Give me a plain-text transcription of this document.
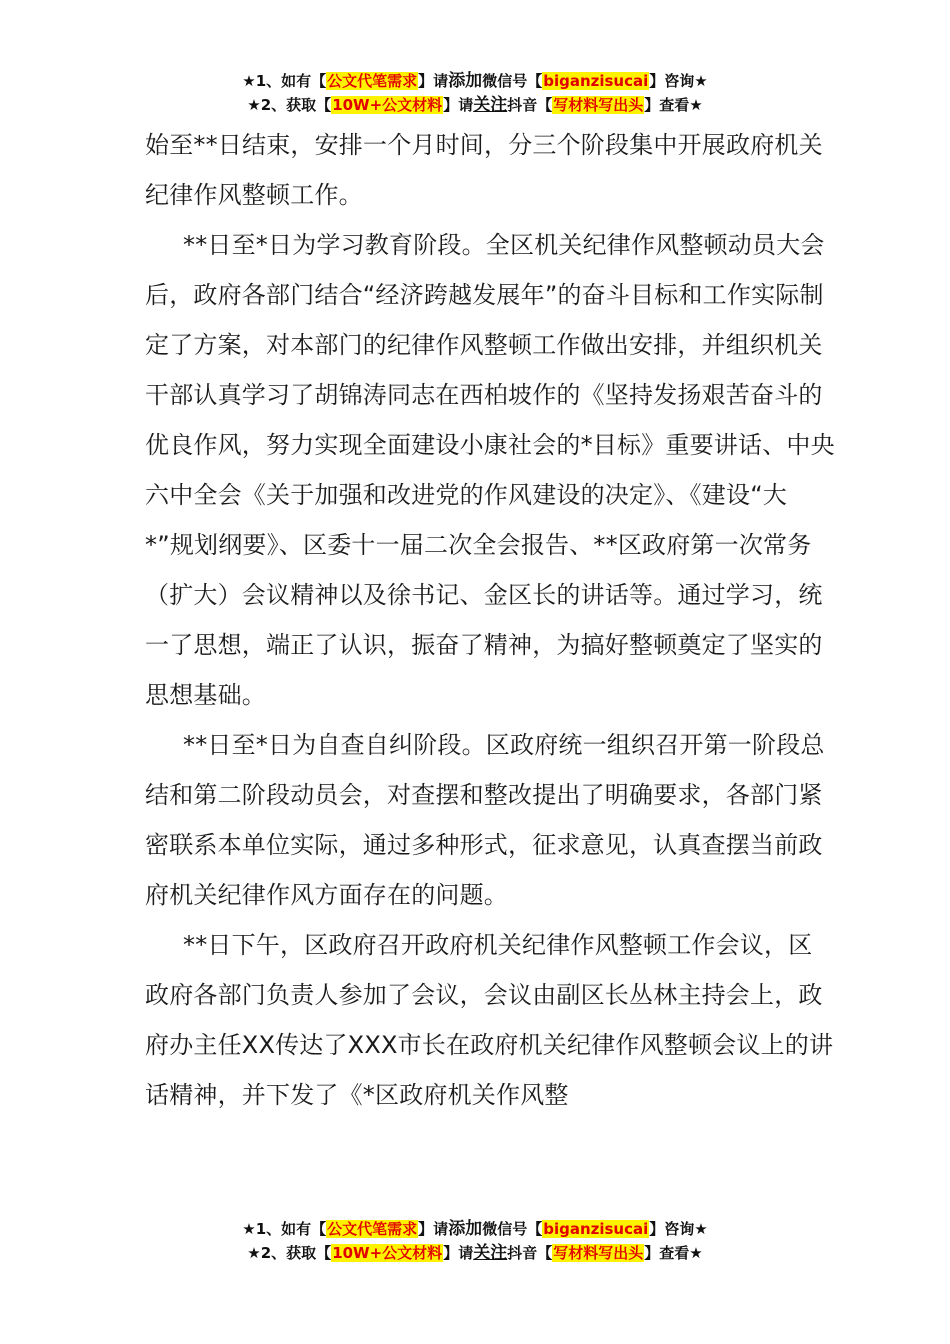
★1、如有【公文代笔需求】请添加微信号【biganzisucai】咨询★
★2、获取【10W+公文材料】请关注抖音【写材料写出头】查看★

始至**日结束，安排一个月时间，分三个阶段集中开展政府机关纪律作风整顿工作。

**日至*日为学习教育阶段。全区机关纪律作风整顿动员大会后，政府各部门结合“经济跨越发展年”的奋斗目标和工作实际制定了方案，对本部门的纪律作风整顿工作做出安排，并组织机关干部认真学习了胡锦涛同志在西柏坡作的《坚持发扬艰苦奋斗的优良作风，努力实现全面建设小康社会的*目标》重要讲话、中央六中全会《关于加强和改进党的作风建设的决定》、《建设“大*”规划纲要》、区委十一届二次全会报告、**区政府第一次常务（扩大）会议精神以及徐书记、金区长的讲话等。通过学习，统一了思想，端正了认识，振奋了精神，为搞好整顿奠定了坚实的思想基础。

**日至*日为自查自纠阶段。区政府统一组织召开第一阶段总结和第二阶段动员会，对查摆和整改提出了明确要求，各部门紧密联系本单位实际，通过多种形式，征求意见，认真查摆当前政府机关纪律作风方面存在的问题。

**日下午，区政府召开政府机关纪律作风整顿工作会议，区政府各部门负责人参加了会议，会议由副区长丛林主持会上，政府办主任XX传达了XXX市长在政府机关纪律作风整顿会议上的讲话精神，并下发了《*区政府机关作风整

★1、如有【公文代笔需求】请添加微信号【biganzisucai】咨询★
★2、获取【10W+公文材料】请关注抖音【写材料写出头】查看★
